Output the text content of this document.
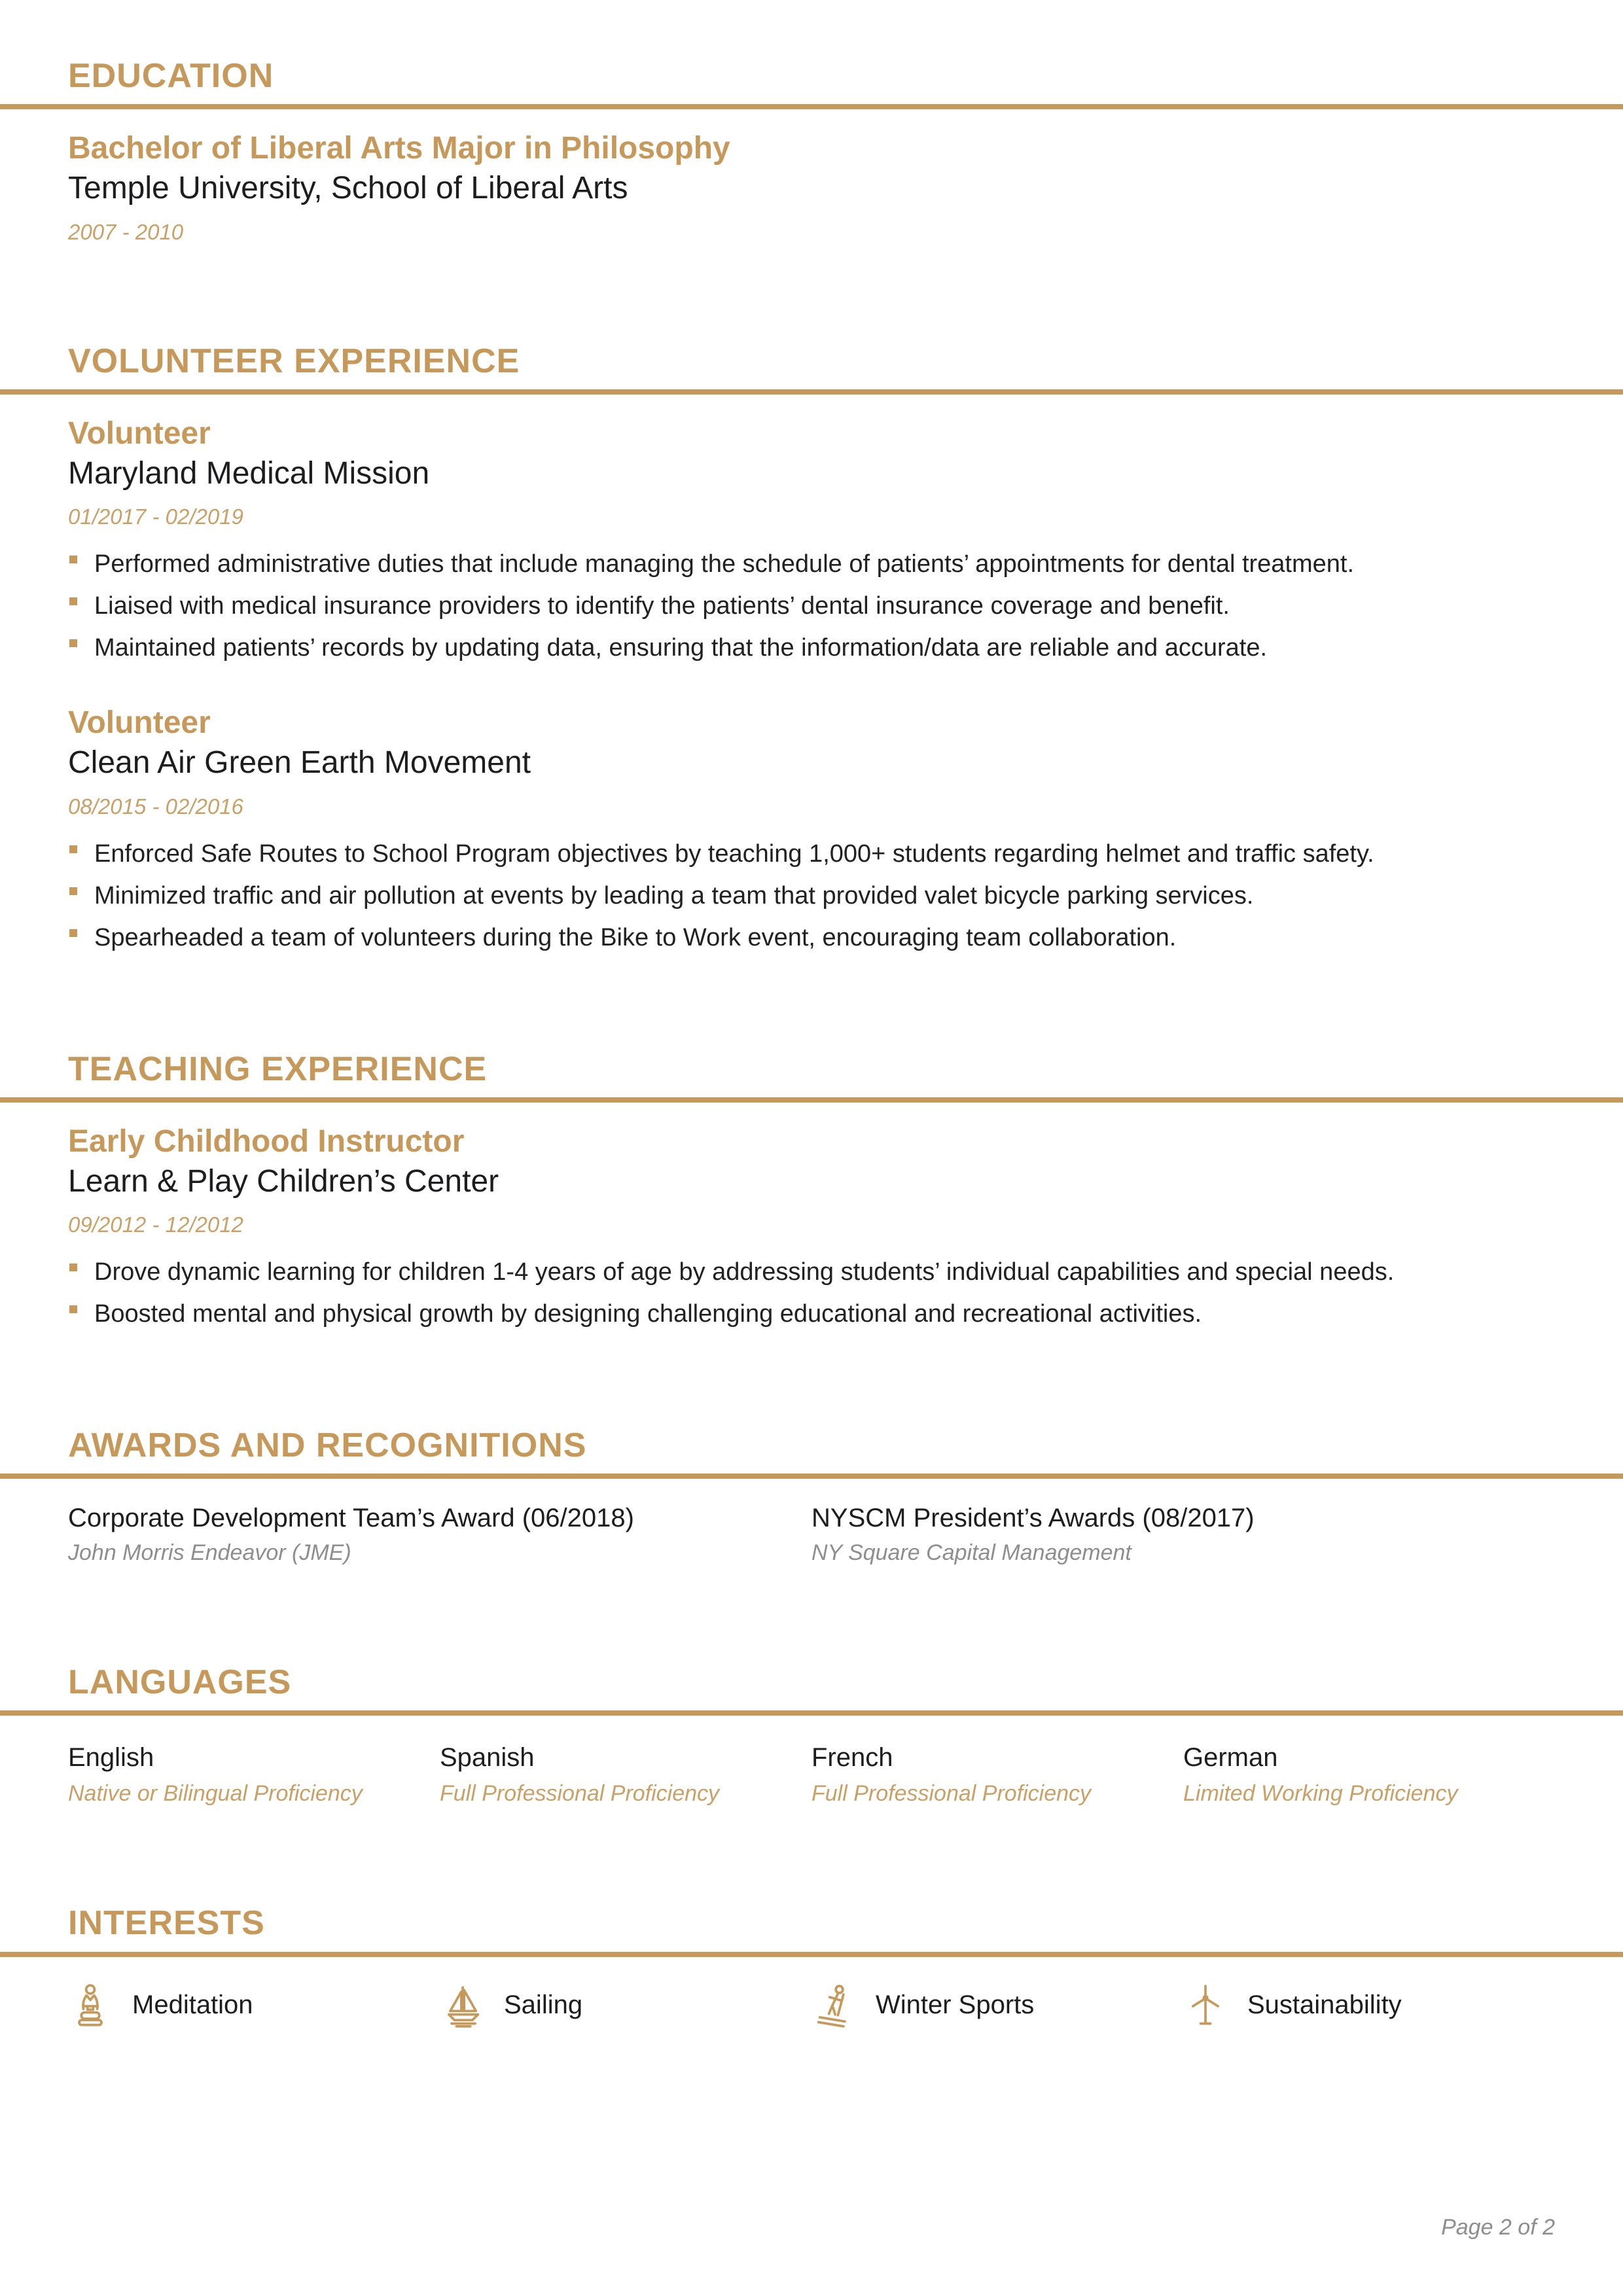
EDUCATION
Bachelor of Liberal Arts Major in Philosophy
Temple University, School of Liberal Arts
2007 - 2010
VOLUNTEER EXPERIENCE
Volunteer
Maryland Medical Mission
01/2017 - 02/2019
Performed administrative duties that include managing the schedule of patients’ appointments for dental treatment.
Liaised with medical insurance providers to identify the patients’ dental insurance coverage and benefit.
Maintained patients’ records by updating data, ensuring that the information/data are reliable and accurate.
Volunteer
Clean Air Green Earth Movement
08/2015 - 02/2016
Enforced Safe Routes to School Program objectives by teaching 1,000+ students regarding helmet and traffic safety.
Minimized traffic and air pollution at events by leading a team that provided valet bicycle parking services.
Spearheaded a team of volunteers during the Bike to Work event, encouraging team collaboration.
TEACHING EXPERIENCE
Early Childhood Instructor
Learn & Play Children’s Center
09/2012 - 12/2012
Drove dynamic learning for children 1-4 years of age by addressing students’ individual capabilities and special needs.
Boosted mental and physical growth by designing challenging educational and recreational activities.
AWARDS AND RECOGNITIONS
Corporate Development Team’s Award (06/2018)
John Morris Endeavor (JME)
NYSCM President’s Awards (08/2017)
NY Square Capital Management
LANGUAGES
English
Native or Bilingual Proficiency
Spanish
Full Professional Proficiency
French
Full Professional Proficiency
German
Limited Working Proficiency
INTERESTS
Meditation	Sailing	Winter Sports	Sustainability
Page 2 of 2
